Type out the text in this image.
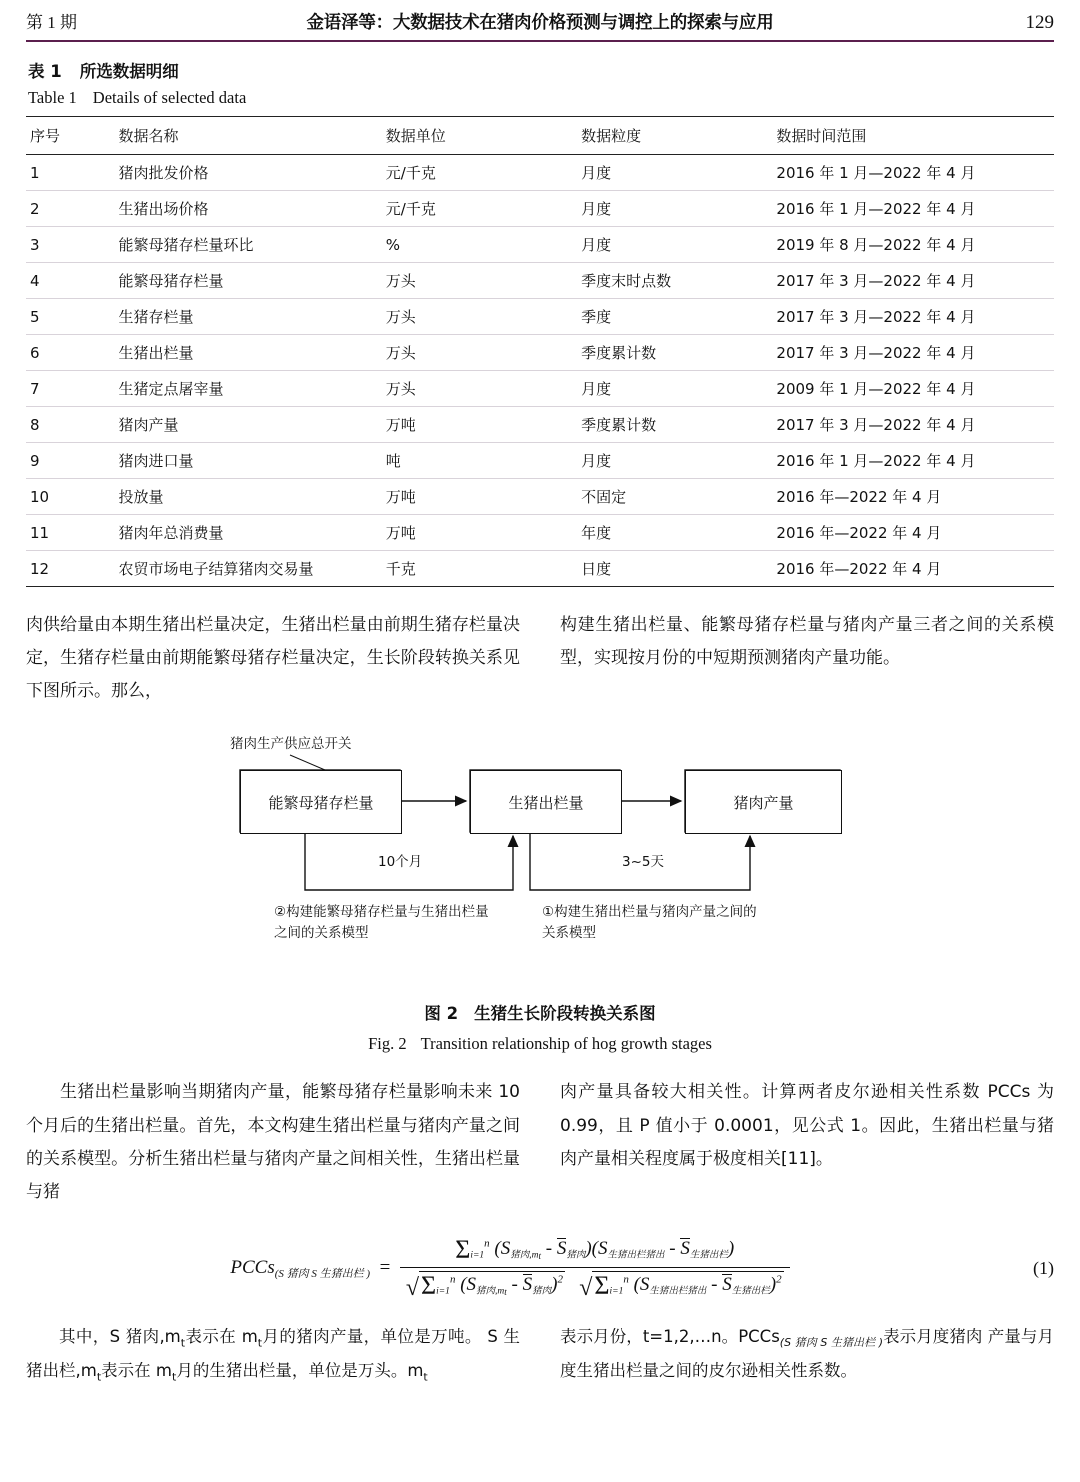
第 1 期	金语泽等：大数据技术在猪肉价格预测与调控上的探索与应用	129
表 1 所选数据明细
Table 1 Details of selected data
序号	数据名称	数据单位	数据粒度	数据时间范围
1	猪肉批发价格	元/千克	月度	2016 年 1 月—2022 年 4 月
2	生猪出场价格	元/千克	月度	2016 年 1 月—2022 年 4 月
3	能繁母猪存栏量环比	%	月度	2019 年 8 月—2022 年 4 月
4	能繁母猪存栏量	万头	季度末时点数	2017 年 3 月—2022 年 4 月
5	生猪存栏量	万头	季度	2017 年 3 月—2022 年 4 月
6	生猪出栏量	万头	季度累计数	2017 年 3 月—2022 年 4 月
7	生猪定点屠宰量	万头	月度	2009 年 1 月—2022 年 4 月
8	猪肉产量	万吨	季度累计数	2017 年 3 月—2022 年 4 月
9	猪肉进口量	吨	月度	2016 年 1 月—2022 年 4 月
10	投放量	万吨	不固定	2016 年—2022 年 4 月
11	猪肉年总消费量	万吨	年度	2016 年—2022 年 4 月
12	农贸市场电子结算猪肉交易量	千克	日度	2016 年—2022 年 4 月

肉供给量由本期生猪出栏量决定，生猪出栏量由前期生猪存栏量决定，生猪存栏量由前期能繁母猪存栏量决定，生长阶段转换关系见下图所示。那么，

构建生猪出栏量、能繁母猪存栏量与猪肉产量三者之间的关系模型，实现按月份的中短期预测猪肉产量功能。

猪肉生产供应总开关
能繁母猪存栏量	生猪出栏量	猪肉产量
10个月	3~5天
②构建能繁母猪存栏量与生猪出栏量之间的关系模型
①构建生猪出栏量与猪肉产量之间的关系模型
图 2 生猪生长阶段转换关系图
Fig. 2 Transition relationship of hog growth stages

生猪出栏量影响当期猪肉产量，能繁母猪存栏量影响未来 10 个月后的生猪出栏量。首先，本文构建生猪出栏量与猪肉产量之间的关系模型。分析生猪出栏量与猪肉产量之间相关性，生猪出栏量与猪

肉产量具备较大相关性。计算两者皮尔逊相关性系数 PCCs 为 0.99，且 P 值小于 0.0001，见公式 1。因此，生猪出栏量与猪肉产量相关程度属于极度相关[11]。

PCCs$_{(S 猪肉 S 生猪出栏 )}$  =
$\Sigma i=1^n$ (S猪肉$,m_t$ - S猪肉)(S生猪出栏猪出 - S生猪出栏)
$√\Sigma i=1^n$ (S猪肉$,m_t$ - S猪肉)$^2$ $√\Sigma i=1^n$ (S生猪出栏猪出 - S生猪出栏)$^2$
(1)

其中，S 猪肉$,m_t$表示在 $m_t$月的猪肉产量，单位是万吨。 S 生猪出栏$,m_t$表示在 $m_t$月的生猪出栏量，单位是万头。$m_t$

表示月份，t=1,2,…n。PCCs$_{(S 猪肉 S 生猪出栏 )}$表示月度猪肉 产量与月度生猪出栏量之间的皮尔逊相关性系数。
